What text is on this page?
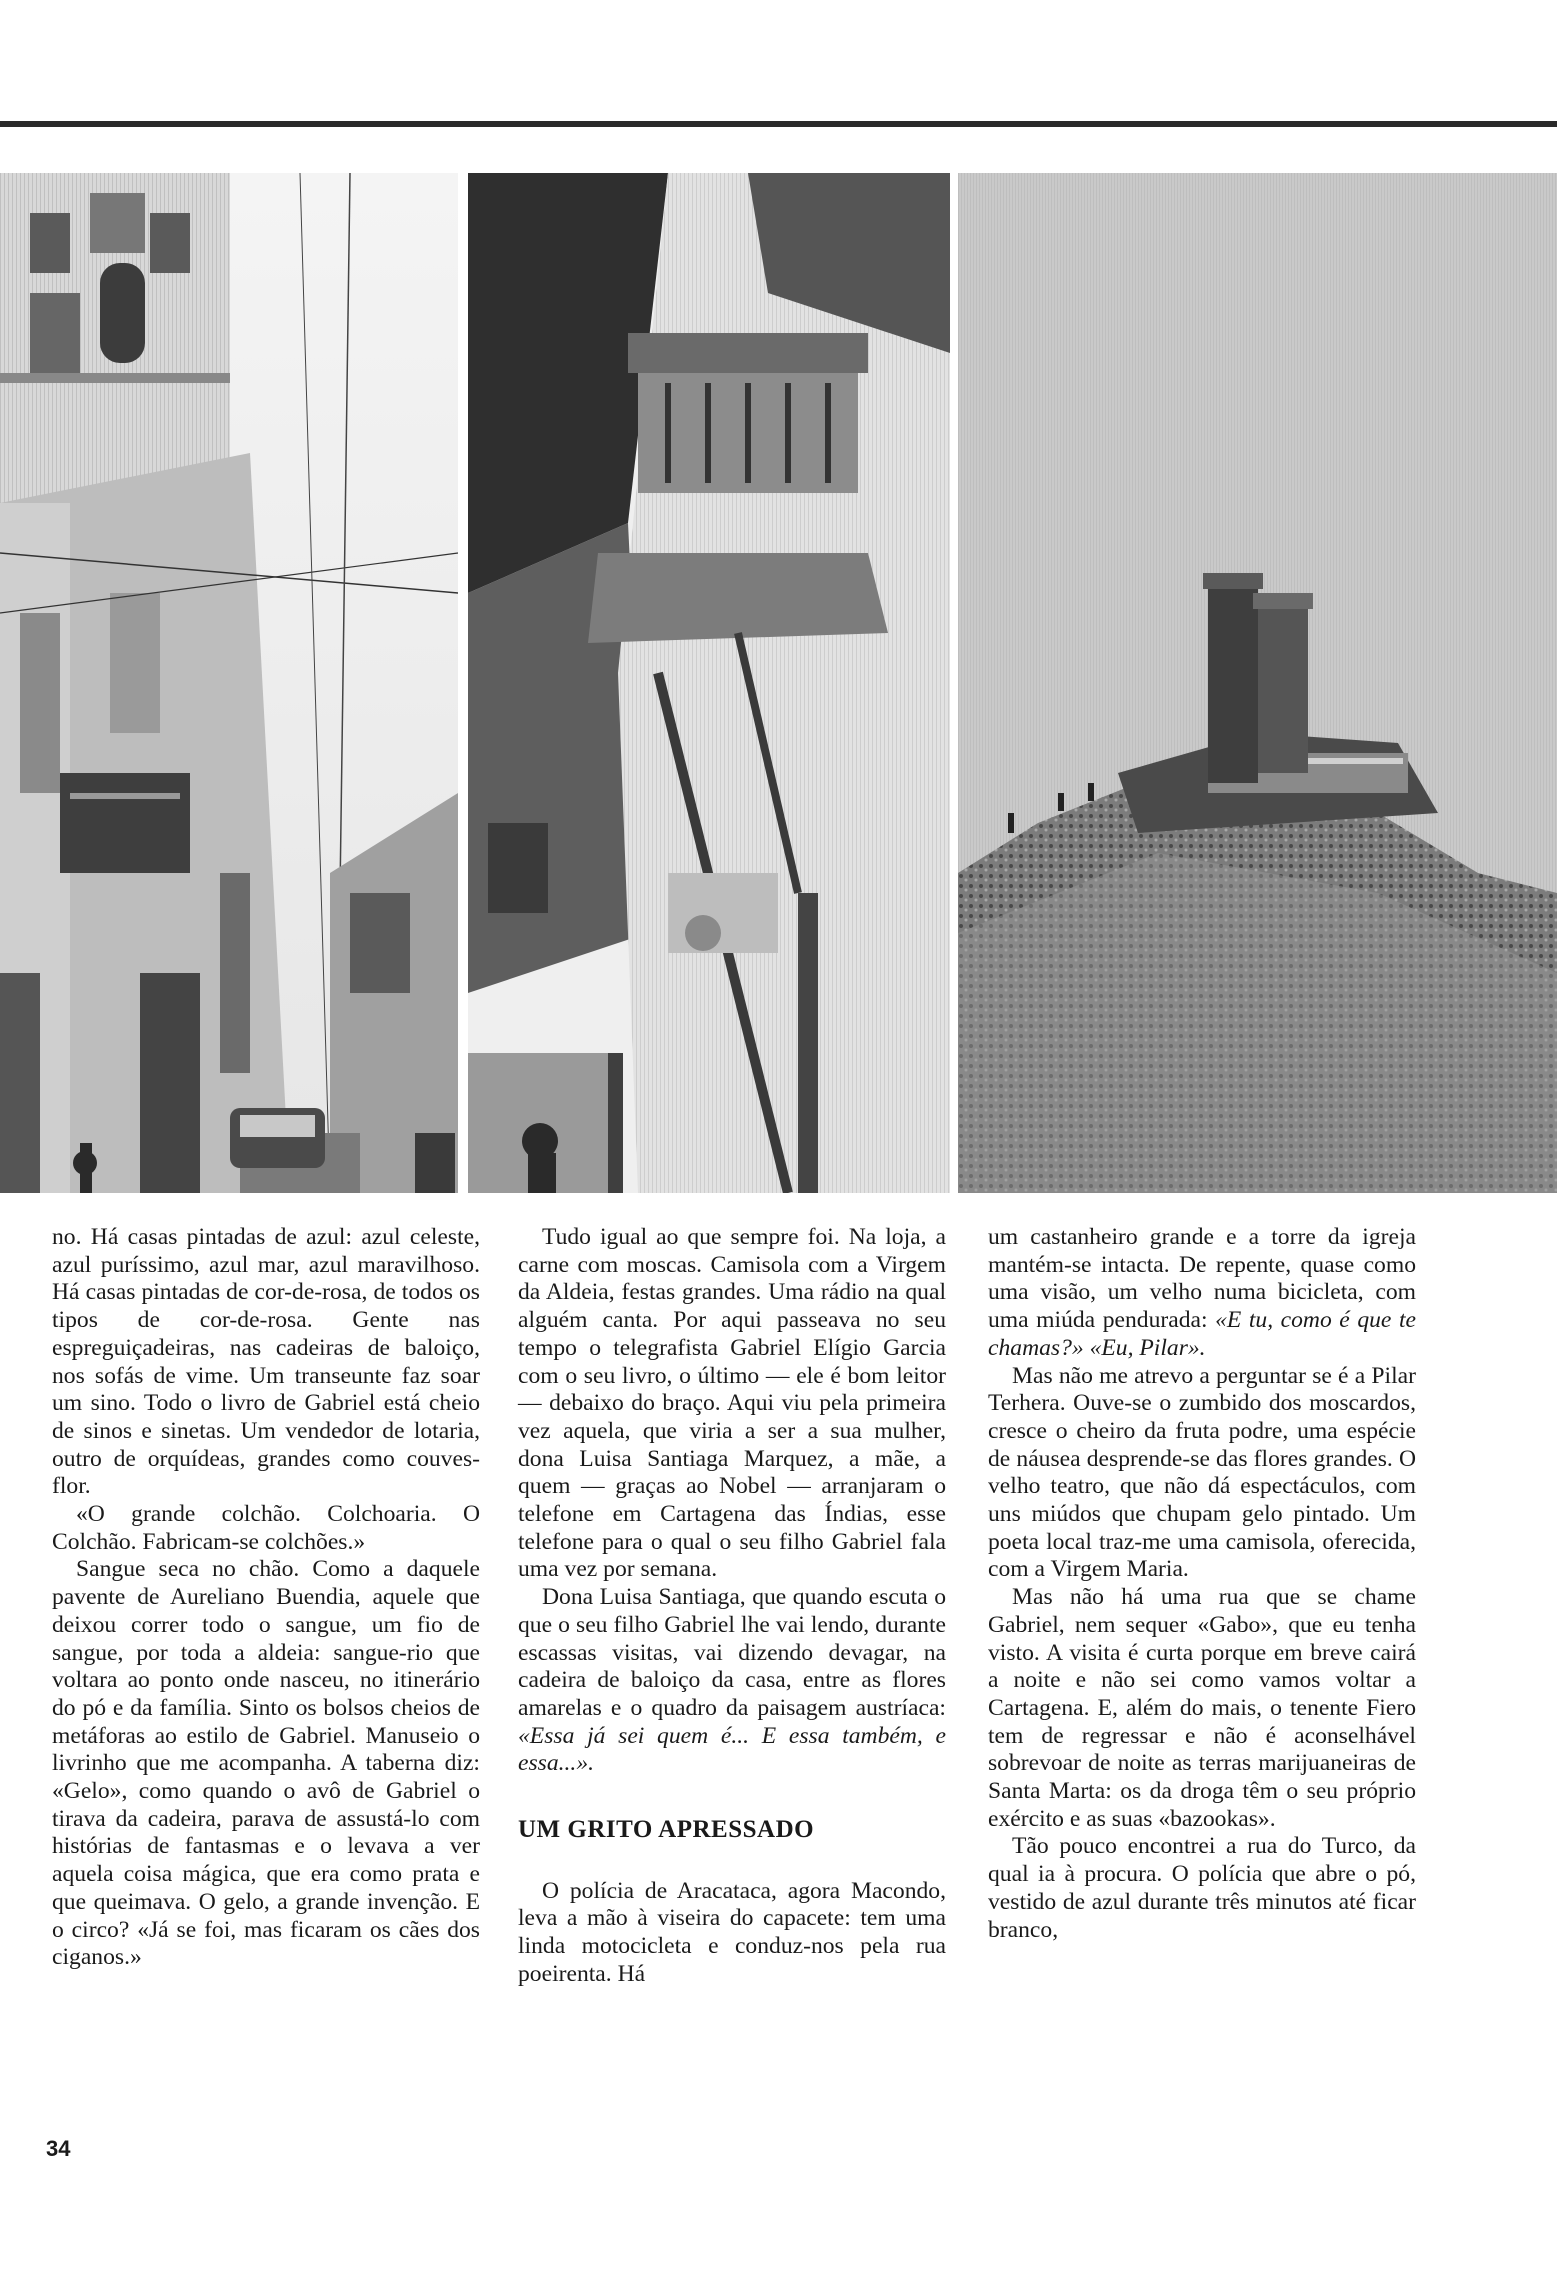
no. Há casas pintadas de azul: azul celeste, azul puríssimo, azul mar, azul maravilhoso. Há casas pintadas de cor-de-rosa, de todos os tipos de cor-de-rosa. Gente nas espreguiçadeiras, nas cadeiras de baloiço, nos sofás de vime. Um transeunte faz soar um sino. Todo o livro de Gabriel está cheio de sinos e sinetas. Um vendedor de lotaria, outro de orquídeas, grandes como couves-flor.

«O grande colchão. Colchoaria. O Colchão. Fabricam-se colchões.»

Sangue seca no chão. Como a daquele pavente de Aureliano Buendia, aquele que deixou correr todo o sangue, um fio de sangue, por toda a aldeia: sangue-rio que voltara ao ponto onde nasceu, no itinerário do pó e da família. Sinto os bolsos cheios de metáforas ao estilo de Gabriel. Manuseio o livrinho que me acompanha. A taberna diz: «Gelo», como quando o avô de Gabriel o tirava da cadeira, parava de assustá-lo com histórias de fantasmas e o levava a ver aquela coisa mágica, que era como prata e que queimava. O gelo, a grande invenção. E o circo? «Já se foi, mas ficaram os cães dos ciganos.»

Tudo igual ao que sempre foi. Na loja, a carne com moscas. Camisola com a Virgem da Aldeia, festas grandes. Uma rádio na qual alguém canta. Por aqui passeava no seu tempo o telegrafista Gabriel Elígio Garcia com o seu livro, o último — ele é bom leitor — debaixo do braço. Aqui viu pela primeira vez aquela, que viria a ser a sua mulher, dona Luisa Santiaga Marquez, a mãe, a quem — graças ao Nobel — arranjaram o telefone em Cartagena das Índias, esse telefone para o qual o seu filho Gabriel fala uma vez por semana.

Dona Luisa Santiaga, que quando escuta o que o seu filho Gabriel lhe vai lendo, durante escassas visitas, vai dizendo devagar, na cadeira de baloiço da casa, entre as flores amarelas e o quadro da paisagem austríaca: «Essa já sei quem é... E essa também, e essa...».

UM GRITO APRESSADO

O polícia de Aracataca, agora Macondo, leva a mão à viseira do capacete: tem uma linda motocicleta e conduz-nos pela rua poeirenta. Há

um castanheiro grande e a torre da igreja mantém-se intacta. De repente, quase como uma visão, um velho numa bicicleta, com uma miúda pendurada: «E tu, como é que te chamas?» «Eu, Pilar».

Mas não me atrevo a perguntar se é a Pilar Terhera. Ouve-se o zumbido dos moscardos, cresce o cheiro da fruta podre, uma espécie de náusea desprende-se das flores grandes. O velho teatro, que não dá espectáculos, com uns miúdos que chupam gelo pintado. Um poeta local traz-me uma camisola, oferecida, com a Virgem Maria.

Mas não há uma rua que se chame Gabriel, nem sequer «Gabo», que eu tenha visto. A visita é curta porque em breve cairá a noite e não sei como vamos voltar a Cartagena. E, além do mais, o tenente Fiero tem de regressar e não é aconselhável sobrevoar de noite as terras marijuaneiras de Santa Marta: os da droga têm o seu próprio exército e as suas «bazookas».

Tão pouco encontrei a rua do Turco, da qual ia à procura. O polícia que abre o pó, vestido de azul durante três minutos até ficar branco,

34
